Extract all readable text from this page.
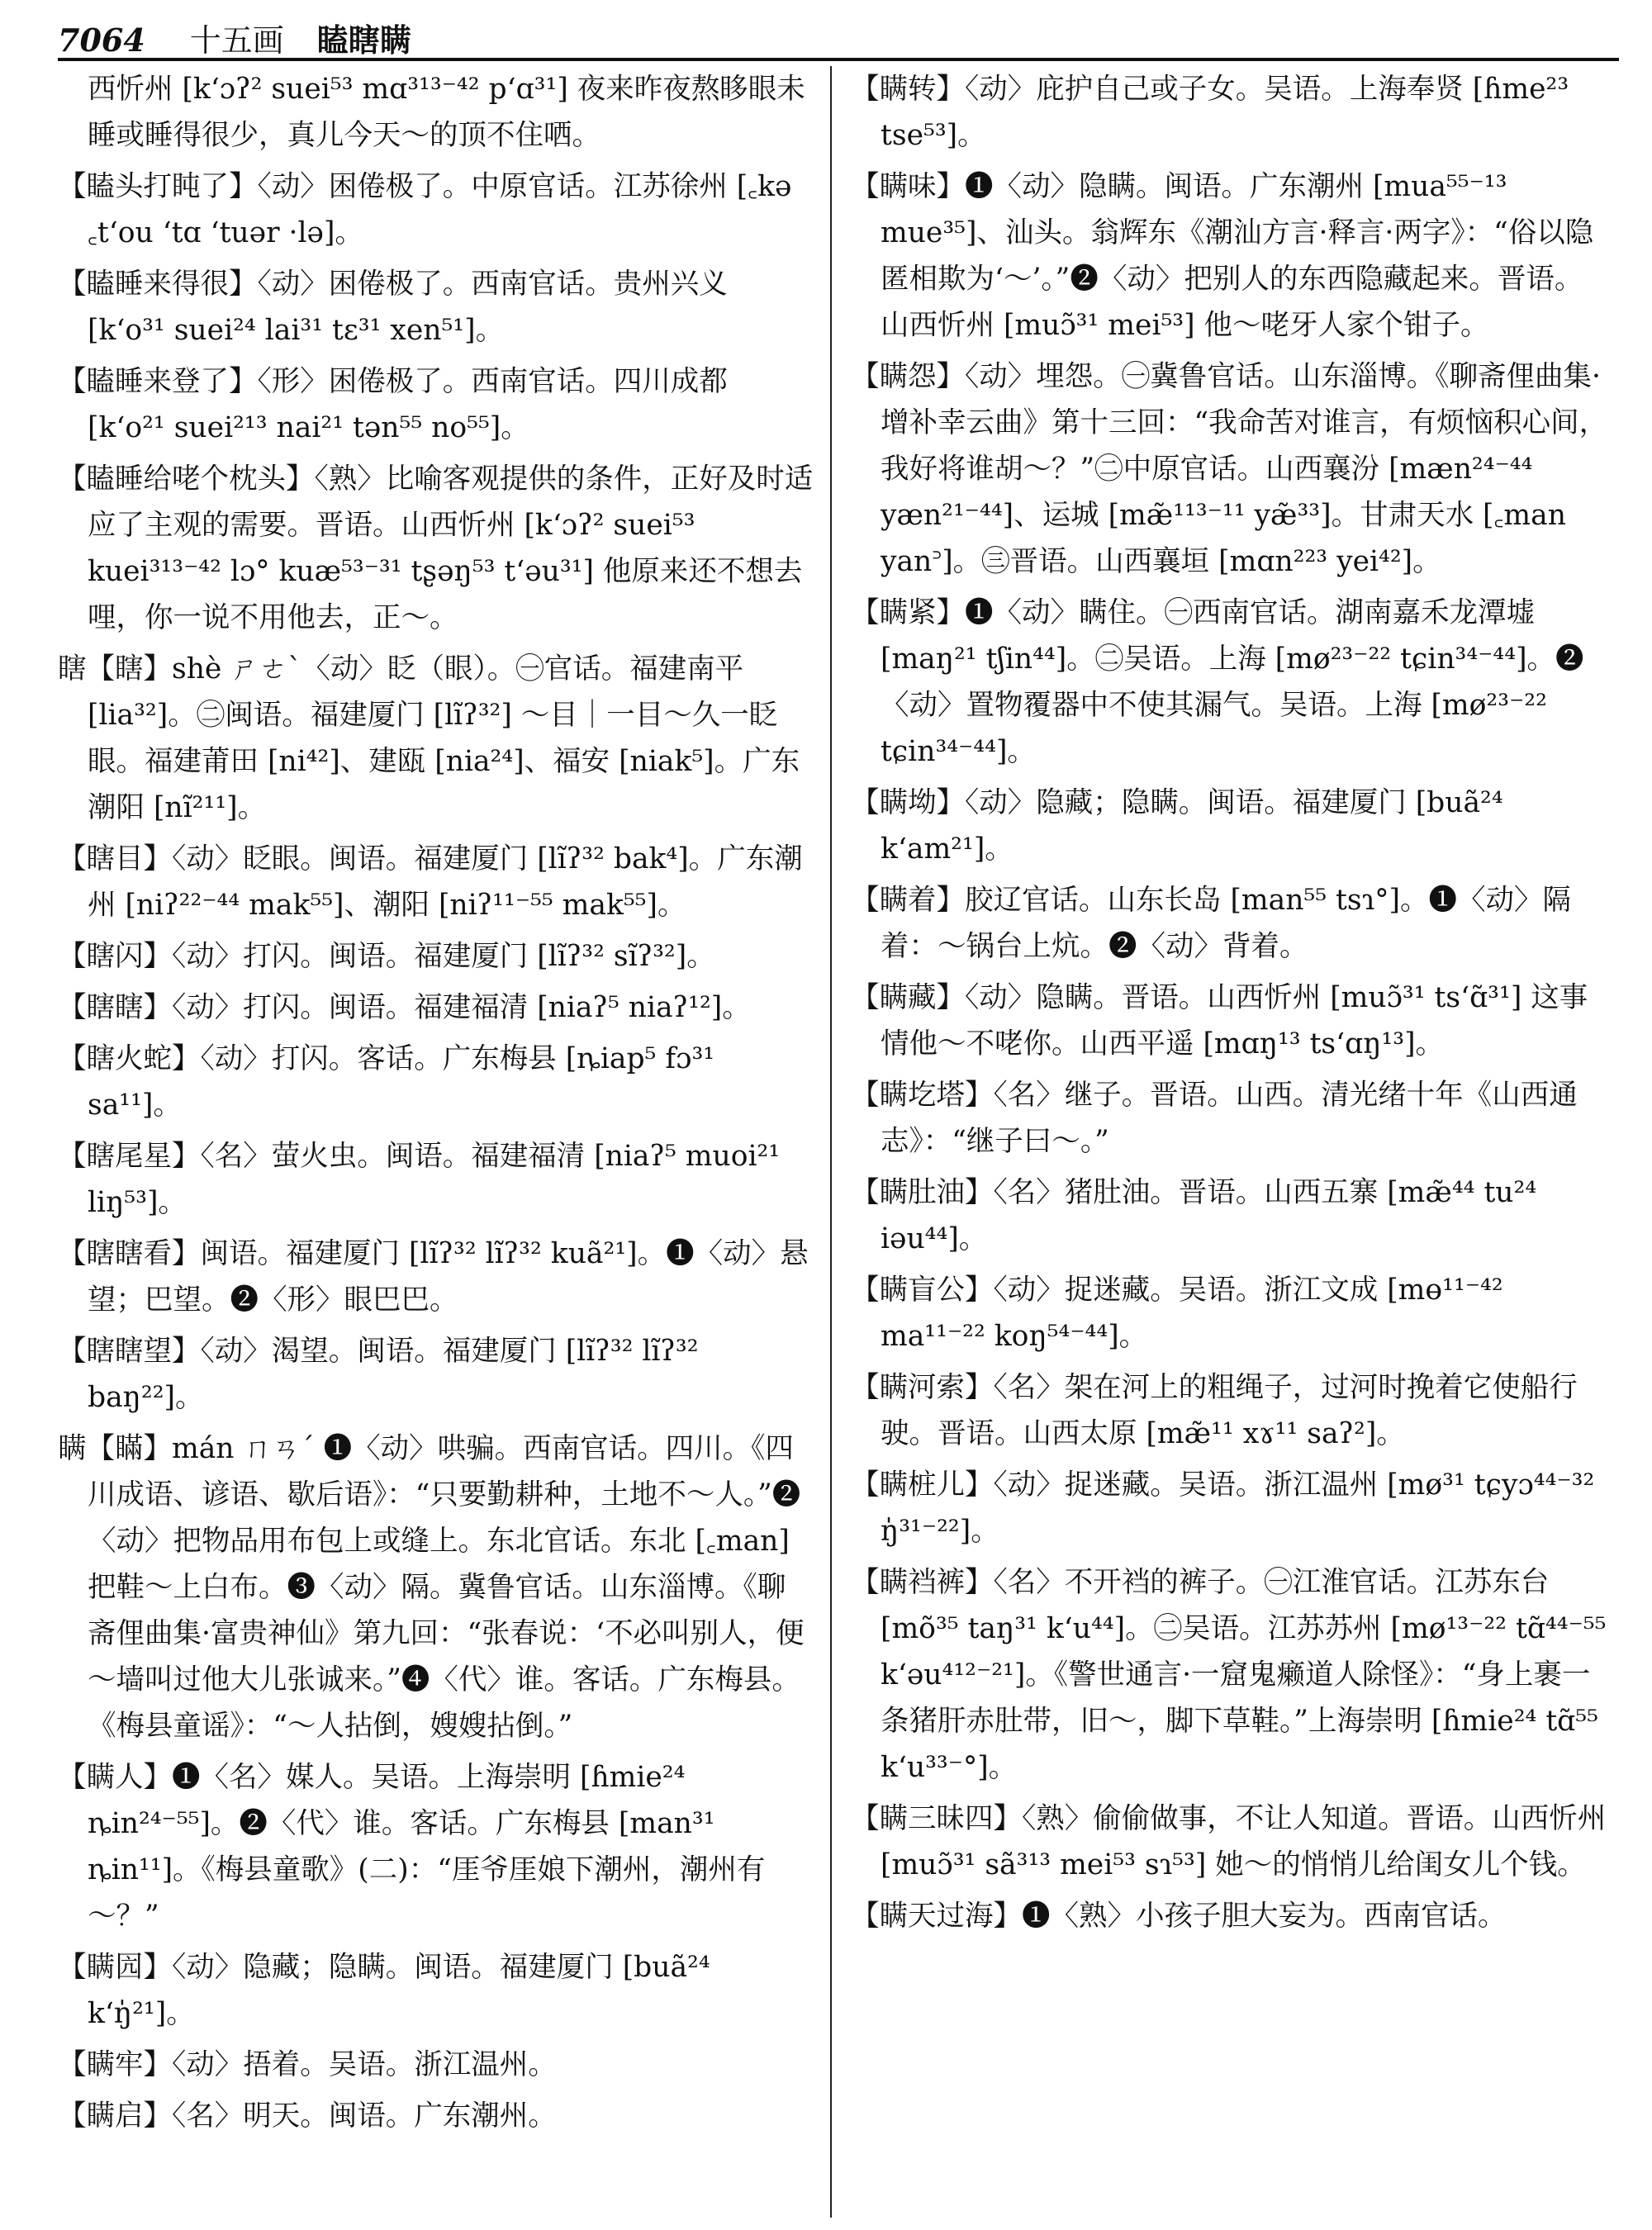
7064 十五画 瞌瞎瞒

西忻州 [k‘ɔʔ² suei⁵³ mɑ³¹³⁻⁴² p‘ɑ³¹] 夜来昨夜熬眵眼未睡或睡得很少，真儿今天～的顶不住哂。

【瞌头打盹了】〈动〉困倦极了。中原官话。江苏徐州 [꜀kə ꜀t‘ou ‘tɑ ‘tuər ·lə]。

【瞌睡来得很】〈动〉困倦极了。西南官话。贵州兴义 [k‘o³¹ suei²⁴ lai³¹ tɛ³¹ xen⁵¹]。

【瞌睡来登了】〈形〉困倦极了。西南官话。四川成都 [k‘o²¹ suei²¹³ nai²¹ tən⁵⁵ no⁵⁵]。

【瞌睡给咾个枕头】〈熟〉比喻客观提供的条件，正好及时适应了主观的需要。晋语。山西忻州 [k‘ɔʔ² suei⁵³ kuei³¹³⁻⁴² lɔ° kuæ⁵³⁻³¹ tʂəŋ⁵³ t‘əu³¹] 他原来还不想去哩，你一说不用他去，正～。

瞎【瞎】shè ㄕㄜˋ〈动〉眨（眼）。㊀官话。福建南平 [lia³²]。㊁闽语。福建厦门 [lĩʔ³²] ～目｜一目～久一眨眼。福建莆田 [ni⁴²]、建瓯 [nia²⁴]、福安 [niak⁵]。广东潮阳 [nĩ²¹¹]。

【瞎目】〈动〉眨眼。闽语。福建厦门 [lĩʔ³² bak⁴]。广东潮州 [niʔ²²⁻⁴⁴ mak⁵⁵]、潮阳 [niʔ¹¹⁻⁵⁵ mak⁵⁵]。

【瞎闪】〈动〉打闪。闽语。福建厦门 [lĩʔ³² sĩʔ³²]。

【瞎瞎】〈动〉打闪。闽语。福建福清 [niaʔ⁵ niaʔ¹²]。

【瞎火蛇】〈动〉打闪。客话。广东梅县 [ȵiap⁵ fɔ³¹ sa¹¹]。

【瞎尾星】〈名〉萤火虫。闽语。福建福清 [niaʔ⁵ muoi²¹ liŋ⁵³]。

【瞎瞎看】闽语。福建厦门 [lĩʔ³² lĩʔ³² kuã²¹]。❶〈动〉悬望；巴望。❷〈形〉眼巴巴。

【瞎瞎望】〈动〉渴望。闽语。福建厦门 [lĩʔ³² lĩʔ³² baŋ²²]。

瞒【瞞】mán ㄇㄢˊ ❶〈动〉哄骗。西南官话。四川。《四川成语、谚语、歇后语》：“只要勤耕种，土地不～人。”❷〈动〉把物品用布包上或缝上。东北官话。东北 [꜀man] 把鞋～上白布。❸〈动〉隔。冀鲁官话。山东淄博。《聊斋俚曲集·富贵神仙》第九回：“张春说：‘不必叫别人，便～墙叫过他大儿张诚来。”❹〈代〉谁。客话。广东梅县。《梅县童谣》：“～人拈倒，嫂嫂拈倒。”

【瞒人】❶〈名〉媒人。吴语。上海崇明 [ɦmie²⁴ ȵin²⁴⁻⁵⁵]。❷〈代〉谁。客话。广东梅县 [man³¹ ȵin¹¹]。《梅县童歌》(二)：“厓爷厓娘下潮州，潮州有～？”

【瞒囥】〈动〉隐藏；隐瞒。闽语。福建厦门 [buã²⁴ k‘ŋ̍²¹]。

【瞒牢】〈动〉捂着。吴语。浙江温州。

【瞒启】〈名〉明天。闽语。广东潮州。

【瞒转】〈动〉庇护自己或子女。吴语。上海奉贤 [ɦme²³ tse⁵³]。

【瞒味】❶〈动〉隐瞒。闽语。广东潮州 [mua⁵⁵⁻¹³ mue³⁵]、汕头。翁辉东《潮汕方言·释言·两字》：“俗以隐匿相欺为‘～’。”❷〈动〉把别人的东西隐藏起来。晋语。山西忻州 [muɔ̃³¹ mei⁵³] 他～咾牙人家个钳子。

【瞒怨】〈动〉埋怨。㊀冀鲁官话。山东淄博。《聊斋俚曲集·增补幸云曲》第十三回：“我命苦对谁言，有烦恼积心间，我好将谁胡～？”㊁中原官话。山西襄汾 [mæn²⁴⁻⁴⁴ yæn²¹⁻⁴⁴]、运城 [mæ̃¹¹³⁻¹¹ yæ̃³³]。甘肃天水 [꜀man yan꜄]。㊂晋语。山西襄垣 [mɑn²²³ yei⁴²]。

【瞒紧】❶〈动〉瞒住。㊀西南官话。湖南嘉禾龙潭墟 [maŋ²¹ tʃin⁴⁴]。㊁吴语。上海 [mø²³⁻²² tɕin³⁴⁻⁴⁴]。❷〈动〉置物覆器中不使其漏气。吴语。上海 [mø²³⁻²² tɕin³⁴⁻⁴⁴]。

【瞒坳】〈动〉隐藏；隐瞒。闽语。福建厦门 [buã²⁴ k‘am²¹]。

【瞒着】胶辽官话。山东长岛 [man⁵⁵ tsɿ°]。❶〈动〉隔着：～锅台上炕。❷〈动〉背着。

【瞒藏】〈动〉隐瞒。晋语。山西忻州 [muɔ̃³¹ ts‘ɑ̃³¹] 这事情他～不咾你。山西平遥 [mɑŋ¹³ ts‘ɑŋ¹³]。

【瞒圪塔】〈名〉继子。晋语。山西。清光绪十年《山西通志》：“继子曰～。”

【瞒肚油】〈名〉猪肚油。晋语。山西五寨 [mæ̃⁴⁴ tu²⁴ iəu⁴⁴]。

【瞒盲公】〈动〉捉迷藏。吴语。浙江文成 [mɵ¹¹⁻⁴² ma¹¹⁻²² koŋ⁵⁴⁻⁴⁴]。

【瞒河索】〈名〉架在河上的粗绳子，过河时挽着它使船行驶。晋语。山西太原 [mæ̃¹¹ xɤ¹¹ saʔ²]。

【瞒桩儿】〈动〉捉迷藏。吴语。浙江温州 [mø³¹ tɕyɔ⁴⁴⁻³² ŋ̍³¹⁻²²]。

【瞒裆裤】〈名〉不开裆的裤子。㊀江淮官话。江苏东台 [mõ³⁵ taŋ³¹ k‘u⁴⁴]。㊁吴语。江苏苏州 [mø¹³⁻²² tɑ̃⁴⁴⁻⁵⁵ k‘əu⁴¹²⁻²¹]。《警世通言·一窟鬼癞道人除怪》：“身上裹一条猪肝赤肚带，旧～，脚下草鞋。”上海崇明 [ɦmie²⁴ tɑ̃⁵⁵ k‘u³³⁻°]。

【瞒三昧四】〈熟〉偷偷做事，不让人知道。晋语。山西忻州 [muɔ̃³¹ sã³¹³ mei⁵³ sɿ⁵³] 她～的悄悄儿给闺女儿个钱。

【瞒天过海】❶〈熟〉小孩子胆大妄为。西南官话。
